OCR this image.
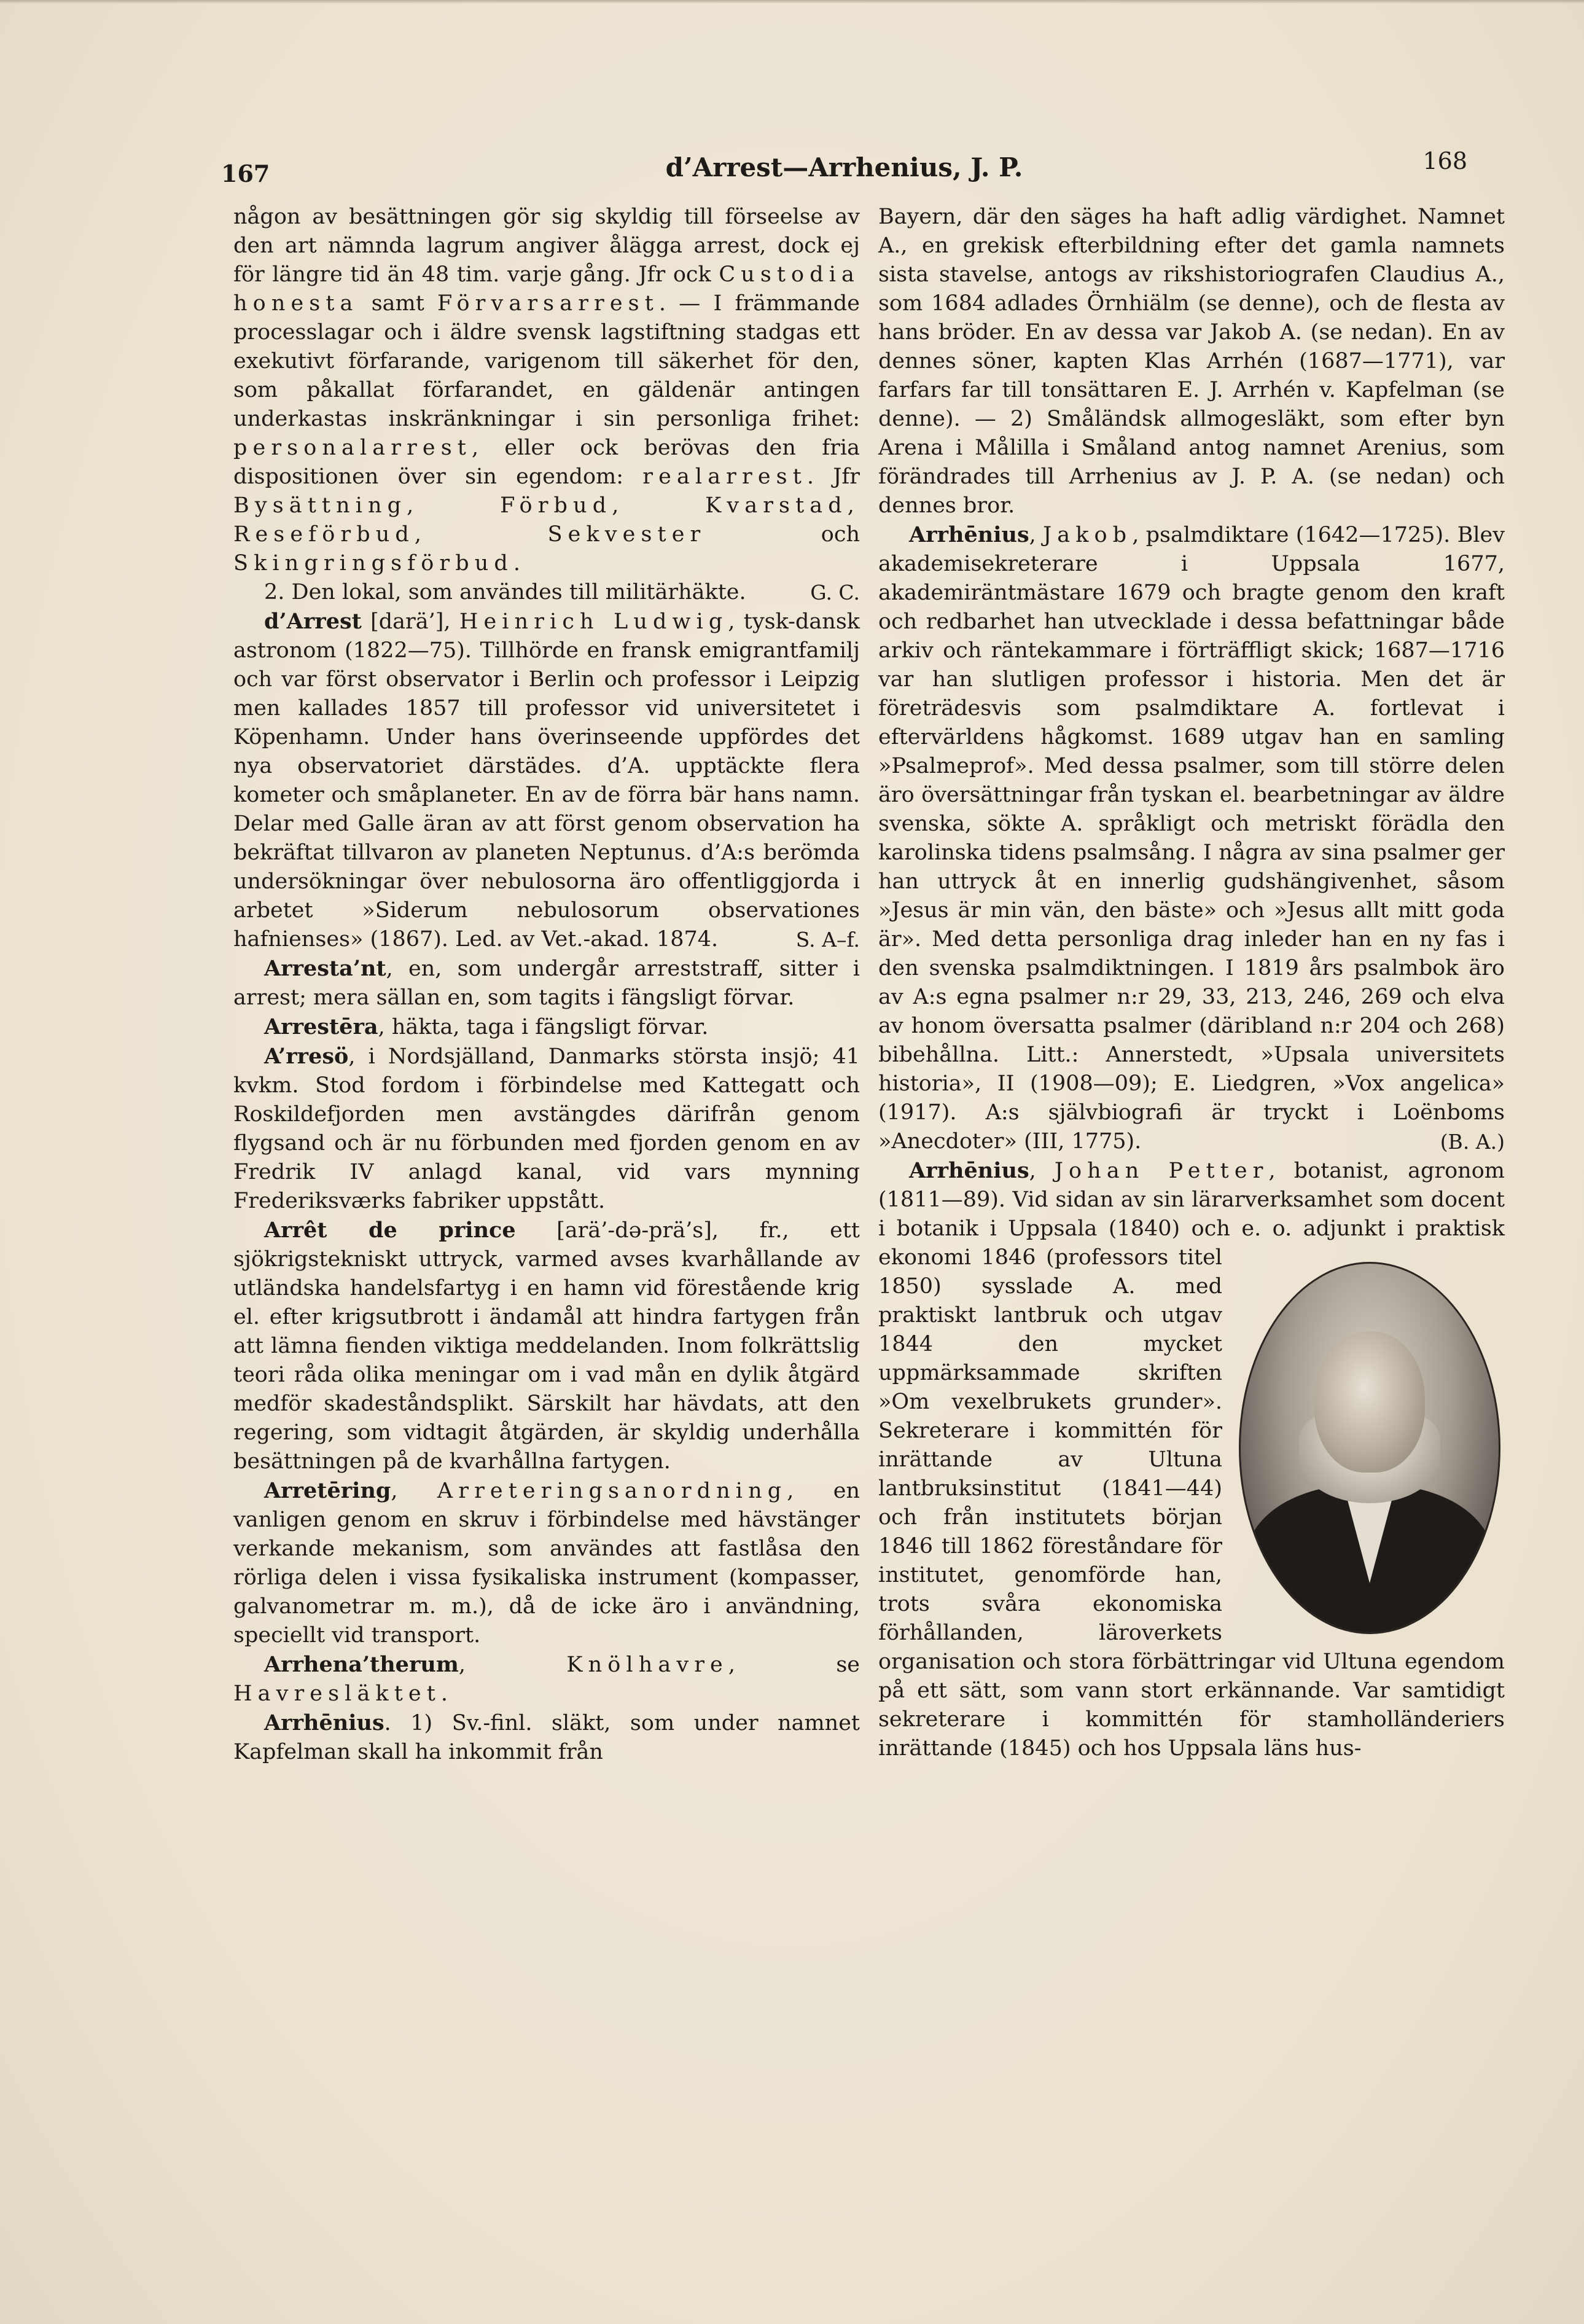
167	d’Arrest—Arrhenius, J. P.	168

någon av besättningen gör sig skyldig till förseelse av den art nämnda lagrum angiver ålägga arrest, dock ej för längre tid än 48 tim. varje gång. Jfr ock Custodia honesta samt Förvarsarrest. — I främmande processlagar och i äldre svensk lagstiftning stadgas ett exekutivt förfarande, varigenom till säkerhet för den, som påkallat förfarandet, en gäldenär antingen underkastas inskränkningar i sin personliga frihet: personalarrest, eller ock berövas den fria dispositionen över sin egendom: realarrest. Jfr Bysättning, Förbud, Kvarstad, Reseförbud, Sekvester och Skingringsförbud.

2. Den lokal, som användes till militärhäkte.	G. C.

d’Arrest [darä’], Heinrich Ludwig, tysk-dansk astronom (1822—75). Tillhörde en fransk emigrantfamilj och var först observator i Berlin och professor i Leipzig men kallades 1857 till professor vid universitetet i Köpenhamn. Under hans överinseende uppfördes det nya observatoriet därstädes. d’A. upptäckte flera kometer och småplaneter. En av de förra bär hans namn. Delar med Galle äran av att först genom observation ha bekräftat tillvaron av planeten Neptunus. d’A:s berömda undersökningar över nebulosorna äro offentliggjorda i arbetet »Siderum nebulosorum observationes hafnienses» (1867). Led. av Vet.-akad. 1874.	S. A–f.

Arresta’nt, en, som undergår arreststraff, sitter i arrest; mera sällan en, som tagits i fängsligt förvar.

Arrestēra, häkta, taga i fängsligt förvar.

A’rresö, i Nordsjälland, Danmarks största insjö; 41 kvkm. Stod fordom i förbindelse med Kattegatt och Roskildefjorden men avstängdes därifrån genom flygsand och är nu förbunden med fjorden genom en av Fredrik IV anlagd kanal, vid vars mynning Frederiksværks fabriker uppstått.

Arrêt de prince [arä’-də-prä’s], fr., ett sjökrigstekniskt uttryck, varmed avses kvarhållande av utländska handelsfartyg i en hamn vid förestående krig el. efter krigsutbrott i ändamål att hindra fartygen från att lämna fienden viktiga meddelanden. Inom folkrättslig teori råda olika meningar om i vad mån en dylik åtgärd medför skadeståndsplikt. Särskilt har hävdats, att den regering, som vidtagit åtgärden, är skyldig underhålla besättningen på de kvarhållna fartygen.

Arretēring, Arreteringsanordning, en vanligen genom en skruv i förbindelse med hävstänger verkande mekanism, som användes att fastlåsa den rörliga delen i vissa fysikaliska instrument (kompasser, galvanometrar m. m.), då de icke äro i användning, speciellt vid transport.

Arrhena’therum, Knölhavre, se Havresläktet.

Arrhēnius. 1) Sv.-finl. släkt, som under namnet Kapfelman skall ha inkommit från

Bayern, där den säges ha haft adlig värdighet. Namnet A., en grekisk efterbildning efter det gamla namnets sista stavelse, antogs av rikshistoriografen Claudius A., som 1684 adlades Örnhiälm (se denne), och de flesta av hans bröder. En av dessa var Jakob A. (se nedan). En av dennes söner, kapten Klas Arrhén (1687—1771), var farfars far till tonsättaren E. J. Arrhén v. Kapfelman (se denne). — 2) Småländsk allmogesläkt, som efter byn Arena i Målilla i Småland antog namnet Arenius, som förändrades till Arrhenius av J. P. A. (se nedan) och dennes bror.

Arrhēnius, Jakob, psalmdiktare (1642—1725). Blev akademisekreterare i Uppsala 1677, akademiräntmästare 1679 och bragte genom den kraft och redbarhet han utvecklade i dessa befattningar både arkiv och räntekammare i förträffligt skick; 1687—1716 var han slutligen professor i historia. Men det är företrädesvis som psalmdiktare A. fortlevat i eftervärldens hågkomst. 1689 utgav han en samling »Psalmeprof». Med dessa psalmer, som till större delen äro översättningar från tyskan el. bearbetningar av äldre svenska, sökte A. språkligt och metriskt förädla den karolinska tidens psalmsång. I några av sina psalmer ger han uttryck åt en innerlig gudshängivenhet, såsom »Jesus är min vän, den bäste» och »Jesus allt mitt goda är». Med detta personliga drag inleder han en ny fas i den svenska psalmdiktningen. I 1819 års psalmbok äro av A:s egna psalmer n:r 29, 33, 213, 246, 269 och elva av honom översatta psalmer (däribland n:r 204 och 268) bibehållna. Litt.: Annerstedt, »Upsala universitets historia», II (1908—09); E. Liedgren, »Vox angelica» (1917). A:s självbiografi är tryckt i Loënboms »Anecdoter» (III, 1775).	(B. A.)

Arrhēnius, Johan Petter, botanist, agronom (1811—89). Vid sidan av sin lärarverksamhet som docent i botanik i Uppsala (1840) och e. o. adjunkt i praktisk ekonomi
1846 (professors titel 1850) sysslade A. med praktiskt lantbruk och utgav 1844 den mycket uppmärksammade skriften »Om vexelbrukets grunder». Sekreterare i kommittén för inrättande av Ultuna lantbruksinstitut (1841—44) och från institutets början 1846 till 1862 föreståndare för institutet, genomförde han, trots svåra ekonomiska förhållanden, läroverkets organisation och stora förbättringar vid Ultuna egendom på ett sätt, som vann stort erkännande. Var samtidigt sekreterare i kommittén för stamholländeriers inrättande (1845) och hos Uppsala läns hus-
